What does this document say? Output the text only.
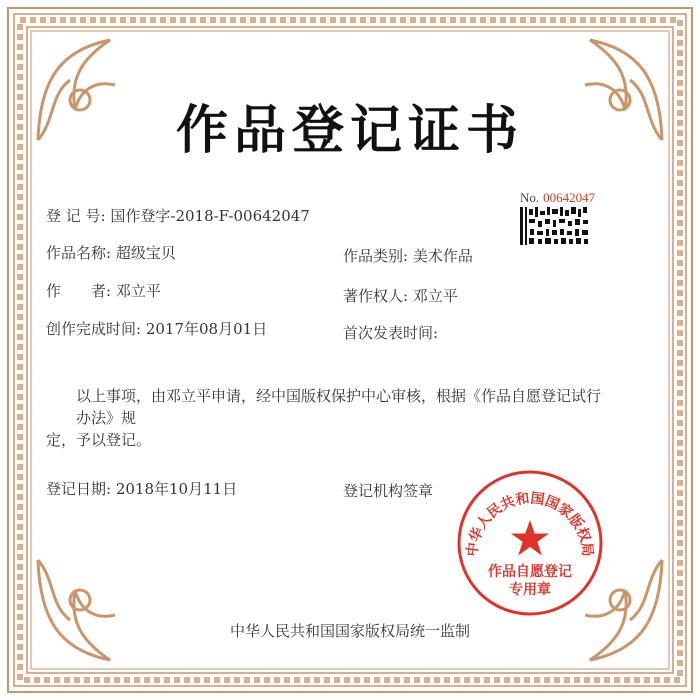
作品登记证书
No. 00642047
登 记 号: 国作登字-2018-F-00642047
作品名称: 超级宝贝	作品类别: 美术作品
作　　者: 邓立平	著作权人: 邓立平
创作完成时间: 2017年08月01日	首次发表时间:
以上事项，由邓立平申请，经中国版权保护中心审核，根据《作品自愿登记试行办法》规
定，予以登记。
登记日期: 2018年10月11日	登记机构签章
中华人民共和国国家版权局
作品自愿登记
专用章
中华人民共和国国家版权局统一监制
